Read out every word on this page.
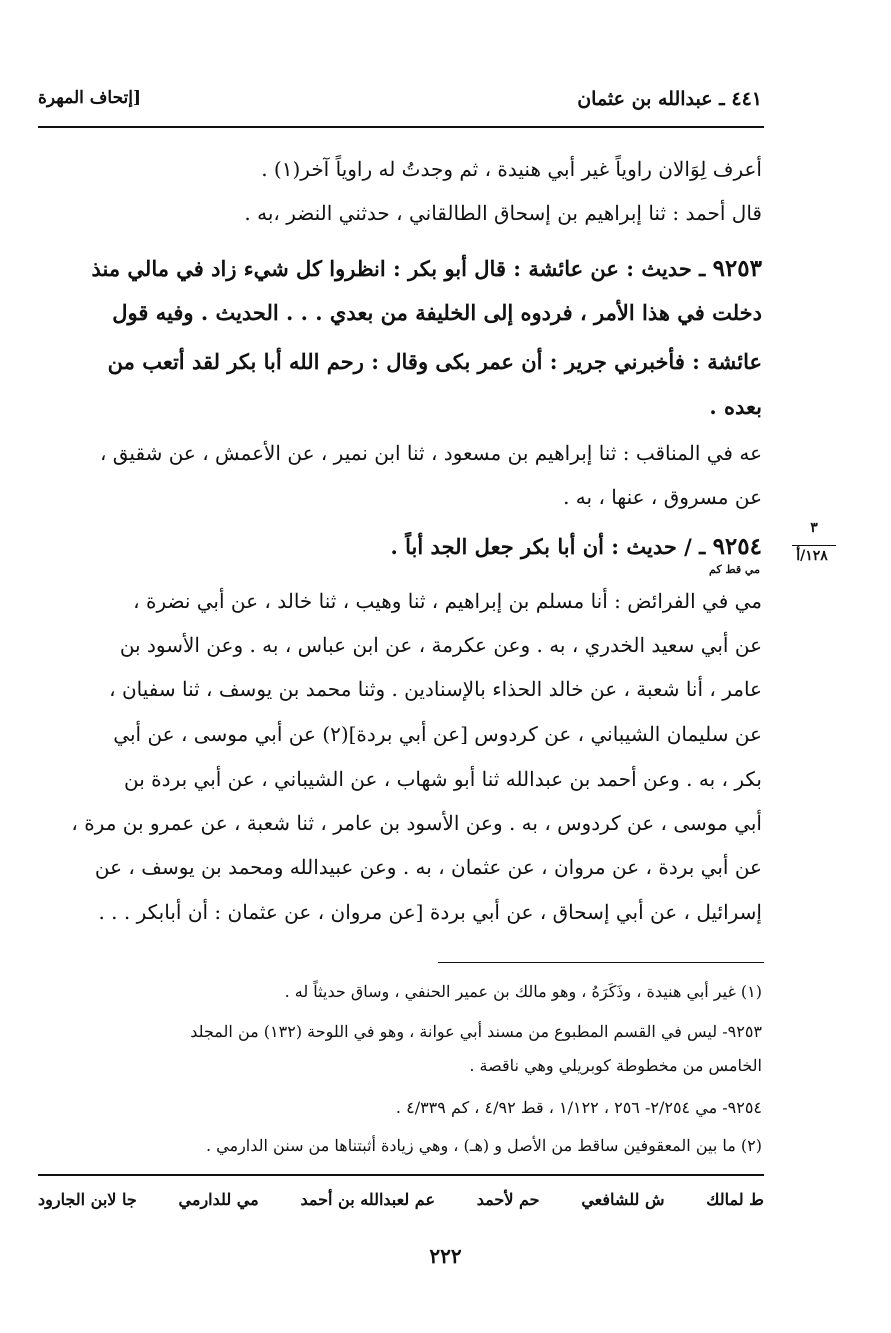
٤٤١ ـ عبدالله بن عثمان
[إتحاف المهرة
أعرف لِوَالان راوياً غير أبي هنيدة ، ثم وجدتُ له راوياً آخر(١) .
قال أحمد : ثنا إبراهيم بن إسحاق الطالقاني ، حدثني النضر ،به .
٩٢٥٣ ـ حديث : عن عائشة : قال أبو بكر : انظروا كل شيء زاد في مالي منذ
دخلت في هذا الأمر ، فردوه إلى الخليفة من بعدي . . . الحديث . وفيه قول
عائشة : فأخبرني جرير : أن عمر بكى وقال : رحم الله أبا بكر لقد أتعب من
بعده .
عه في المناقب : ثنا إبراهيم بن مسعود ، ثنا ابن نمير ، عن الأعمش ، عن شقيق ،
عن مسروق ، عنها ، به .
٩٢٥٤ ـ / حديث : أن أبا بكر جعل الجد أباً .
مي قط كم
٣
١٢٨/أ
مي في الفرائض : أنا مسلم بن إبراهيم ، ثنا وهيب ، ثنا خالد ، عن أبي نضرة ،
عن أبي سعيد الخدري ، به . وعن عكرمة ، عن ابن عباس ، به . وعن الأسود بن
عامر ، أنا شعبة ، عن خالد الحذاء بالإسنادين . وثنا محمد بن يوسف ، ثنا سفيان ،
عن سليمان الشيباني ، عن كردوس [عن أبي بردة](٢) عن أبي موسى ، عن أبي
بكر ، به . وعن أحمد بن عبدالله ثنا أبو شهاب ، عن الشيباني ، عن أبي بردة بن
أبي موسى ، عن كردوس ، به . وعن الأسود بن عامر ، ثنا شعبة ، عن عمرو بن مرة ،
عن أبي بردة ، عن مروان ، عن عثمان ، به . وعن عبيدالله ومحمد بن يوسف ، عن
إسرائيل ، عن أبي إسحاق ، عن أبي بردة [عن مروان ، عن عثمان : أن أبابكر . . .
(١) غير أبي هنيدة ، وذَكَرَهُ ، وهو مالك بن عمير الحنفي ، وساق حديثاً له .
٩٢٥٣- ليس في القسم المطبوع من مسند أبي عوانة ، وهو في اللوحة (١٣٢) من المجلد
الخامس من مخطوطة كوبريلي وهي ناقصة .
٩٢٥٤- مي ٢/٢٥٤- ٢٥٦ ، ١/١٢٢ ، قط ٤/٩٢ ، كم ٤/٣٣٩ .
(٢) ما بين المعقوفين ساقط من الأصل و (هـ) ، وهي زيادة أثبتناها من سنن الدارمي .
ط لمالك
ش للشافعي
حم لأحمد
عم لعبدالله بن أحمد
مي للدارمي
جا لابن الجارود
٢٢٢
